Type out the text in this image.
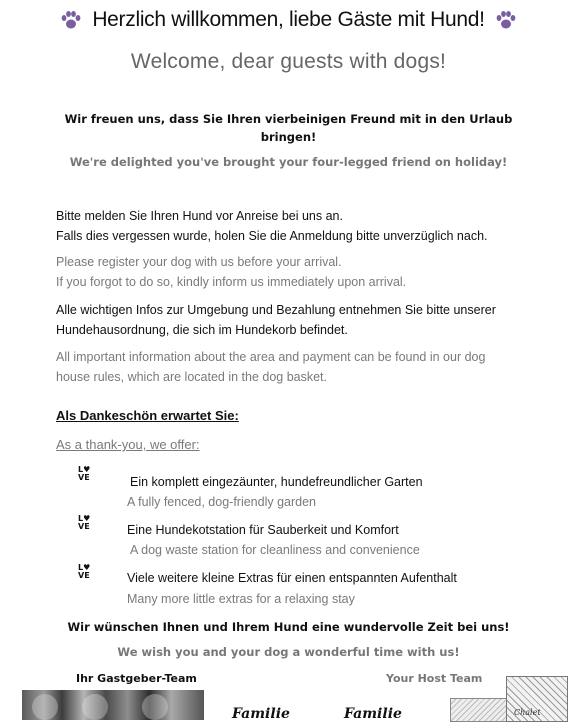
Herzlich willkommen, liebe Gäste mit Hund!
Welcome, dear guests with dogs!
Wir freuen uns, dass Sie Ihren vierbeinigen Freund mit in den Urlaub bringen!
We're delighted you've brought your four-legged friend on holiday!
Bitte melden Sie Ihren Hund vor Anreise bei uns an.
Falls dies vergessen wurde, holen Sie die Anmeldung bitte unverzüglich nach.
Please register your dog with us before your arrival.
If you forgot to do so, kindly inform us immediately upon arrival.
Alle wichtigen Infos zur Umgebung und Bezahlung entnehmen Sie bitte unserer Hundehausordnung, die sich im Hundekorb befindet.
All important information about the area and payment can be found in our dog house rules, which are located in the dog basket.
Als Dankeschön erwartet Sie:
As a thank-you, we offer:
L♥
VE	Ein komplett eingezäunter, hundefreundlicher Garten
A fully fenced, dog-friendly garden
L♥
VE	Eine Hundekotstation für Sauberkeit und Komfort
A dog waste station for cleanliness and convenience
L♥
VE	Viele weitere kleine Extras für einen entspannten Aufenthalt
Many more little extras for a relaxing stay
Wir wünschen Ihnen und Ihrem Hund eine wundervolle Zeit bei uns!
We wish you and your dog a wonderful time with us!
Ihr Gastgeber-Team	Your Host Team
Familie	Familie	Chalet
